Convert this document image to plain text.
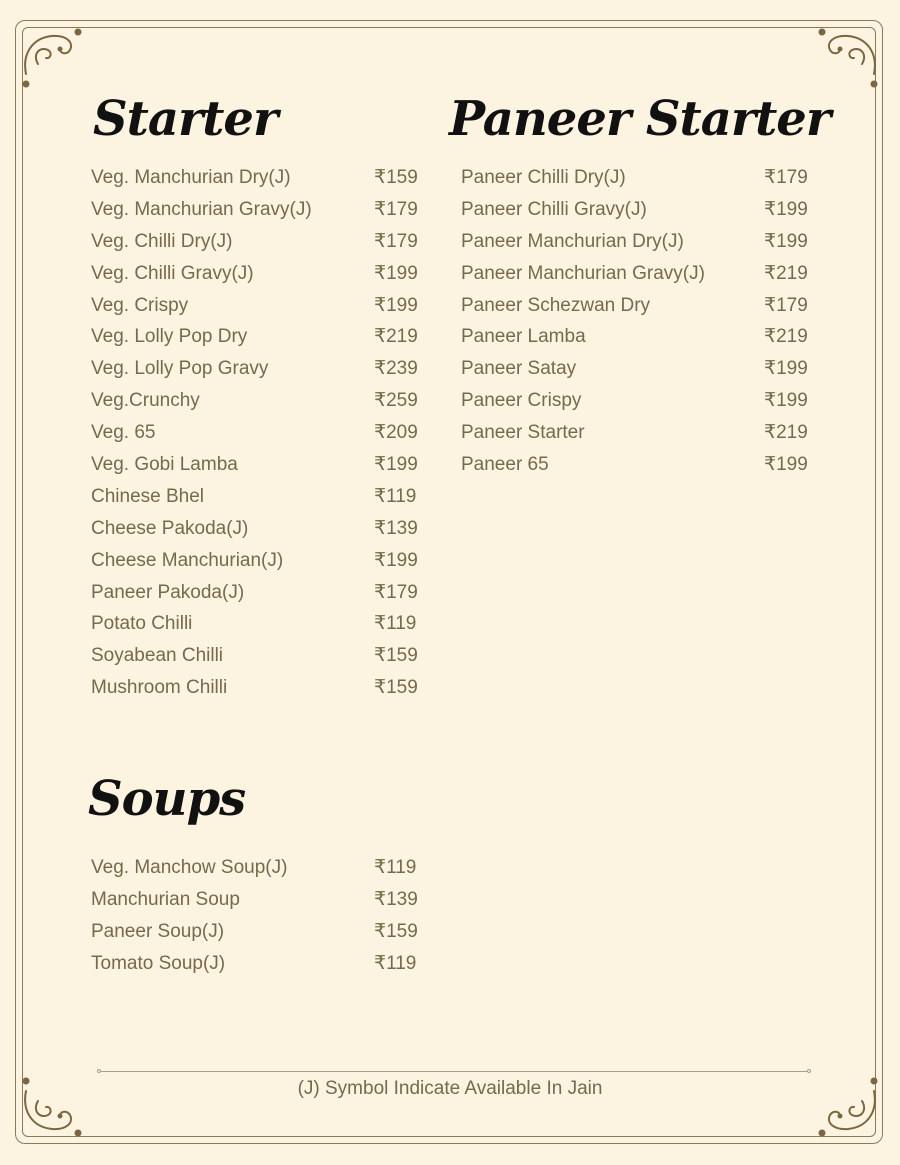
Starter
Veg. Manchurian Dry(J)	₹159
Veg. Manchurian Gravy(J)	₹179
Veg. Chilli Dry(J)	₹179
Veg. Chilli Gravy(J)	₹199
Veg. Crispy	₹199
Veg. Lolly Pop Dry	₹219
Veg. Lolly Pop Gravy	₹239
Veg.Crunchy	₹259
Veg. 65	₹209
Veg. Gobi Lamba	₹199
Chinese Bhel	₹119
Cheese Pakoda(J)	₹139
Cheese Manchurian(J)	₹199
Paneer Pakoda(J)	₹179
Potato Chilli	₹119
Soyabean Chilli	₹159
Mushroom Chilli	₹159
Paneer Starter
Paneer Chilli Dry(J)	₹179
Paneer Chilli Gravy(J)	₹199
Paneer Manchurian Dry(J)	₹199
Paneer Manchurian Gravy(J)	₹219
Paneer Schezwan Dry	₹179
Paneer Lamba	₹219
Paneer Satay	₹199
Paneer Crispy	₹199
Paneer Starter	₹219
Paneer 65	₹199
Soups
Veg. Manchow Soup(J)	₹119
Manchurian Soup	₹139
Paneer Soup(J)	₹159
Tomato Soup(J)	₹119
(J) Symbol Indicate Available In Jain
